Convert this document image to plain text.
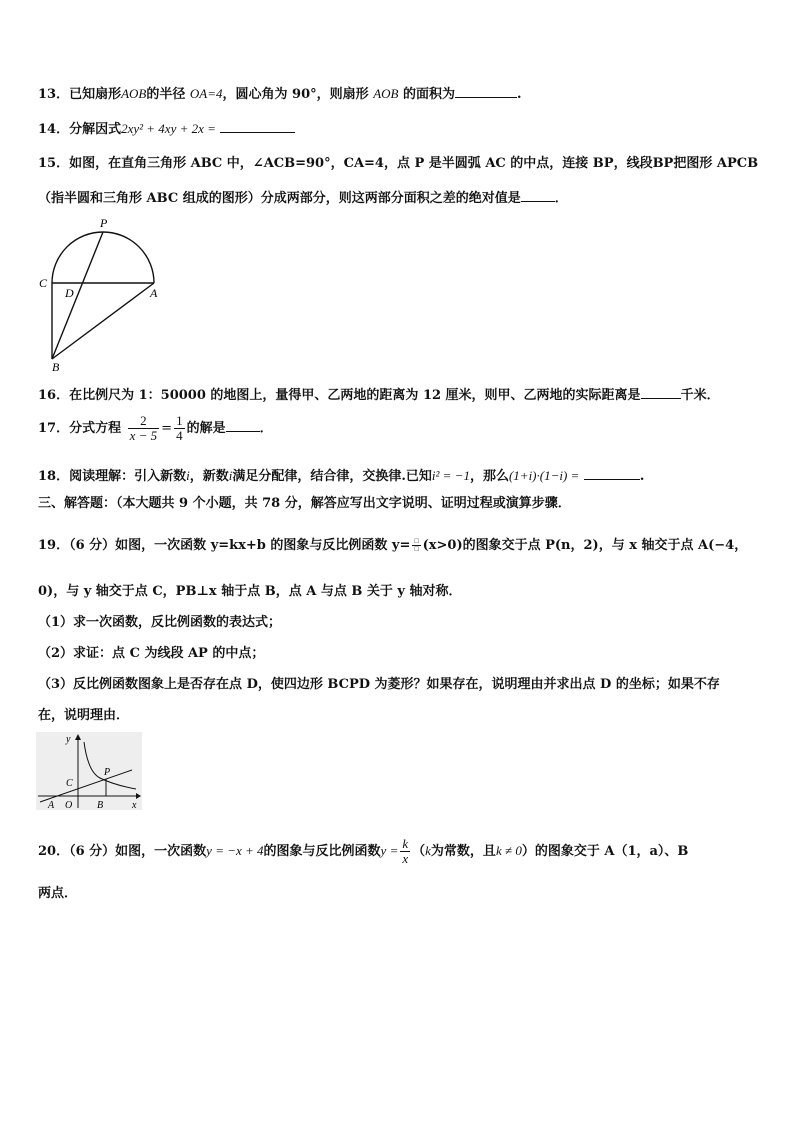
13．已知扇形AOB的半径 OA=4，圆心角为 90°，则扇形 AOB 的面积为	.
14．分解因式2xy² + 4xy + 2x =
15．如图，在直角三角形 ABC 中，∠ACB=90°，CA=4，点 P 是半圆弧 AC 的中点，连接 BP，线段BP把图形 APCB
（指半圆和三角形 ABC 组成的图形）分成两部分，则这两部分面积之差的绝对值是	．
P
C
D	A
B
16．在比例尺为 1：50000 的地图上，量得甲、乙两地的距离为 12 厘米，则甲、乙两地的实际距离是	千米．
17．分式方程 $\frac{2}{x - 5} = \frac{1}{4}$ 的解是	．
18．阅读理解：引入新数i，新数i满足分配律，结合律，交换律.已知i² = −1，那么(1+i)·(1−i) =	.
三、解答题：（本大题共 9 个小题，共 78 分，解答应写出文字说明、证明过程或演算步骤．
19．（6 分）如图，一次函数 y=kx+b 的图象与反比例函数 $y= \frac{□}{□} (x>0)$的图象交于点 P(n，2)，与 x 轴交于点 A(−4，
0)，与 y 轴交于点 C，PB⊥x 轴于点 B，点 A 与点 B 关于 y 轴对称．
（1）求一次函数，反比例函数的表达式；
（2）求证：点 C 为线段 AP 的中点；
（3）反比例函数图象上是否存在点 D，使四边形 BCPD 为菱形？如果存在，说明理由并求出点 D 的坐标；如果不存
在，说明理由．
y
x
C
P
A O B
20．（6 分）如图，一次函数y = −x + 4的图象与反比例函数$y = \frac{k}{x} (k$为常数，且k ≠ 0）的图象交于 A（1，a）、B
两点．
